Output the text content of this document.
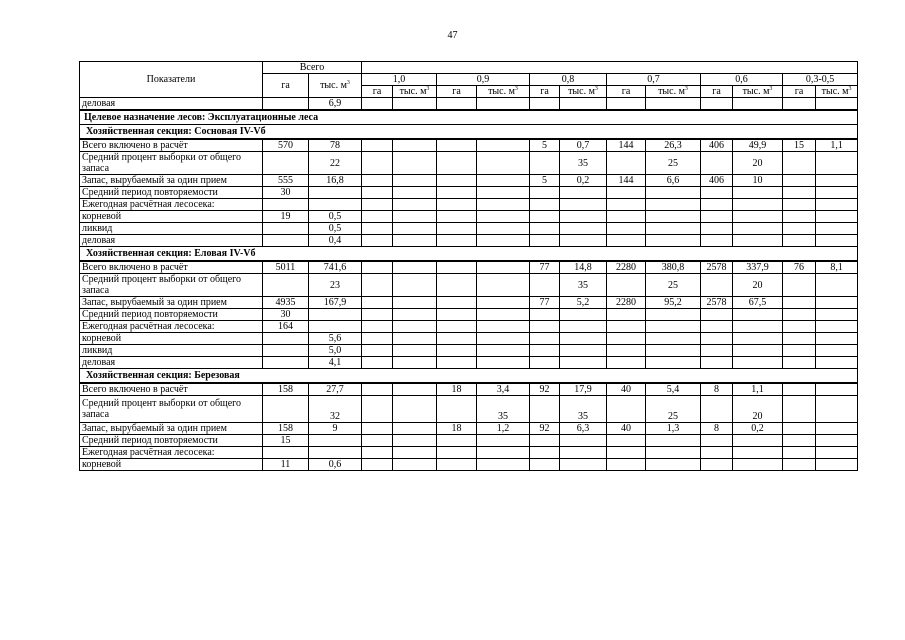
47
Показатели	Всего													
	га	тыс. $м^3$	1,0		0,9		0,8		0,7		0,6		0,3-0,5	
			га	тыс. $м^3$	га	тыс. $м^3$	га	тыс. $м^3$	га	тыс. $м^3$	га	тыс. $м^3$	га	тыс. $м^3$
деловая		6,9												
Целевое назначение лесов: Эксплуатационные леса														
Хозяйственная секция: Сосновая IV-Vб														
Всего включено в расчёт	570	78					5	0,7	144	26,3	406	49,9	15	1,1
Средний процент выборки от общего запаса		22						35		25		20		
Запас, вырубаемый за один прием	555	16,8					5	0,2	144	6,6	406	10		
Средний период повторяемости	30													
Ежегодная расчётная лесосека:														
корневой	19	0,5												
ликвид		0,5												
деловая		0,4												
Хозяйственная секция: Еловая IV-Vб														
Всего включено в расчёт	5011	741,6					77	14,8	2280	380,8	2578	337,9	76	8,1
Средний процент выборки от общего запаса		23						35		25		20		
Запас, вырубаемый за один прием	4935	167,9					77	5,2	2280	95,2	2578	67,5		
Средний период повторяемости	30													
Ежегодная расчётная лесосека:	164													
корневой		5,6												
ликвид		5,0												
деловая		4,1												
Хозяйственная секция: Березовая														
Всего включено в расчёт	158	27,7			18	3,4	92	17,9	40	5,4	8	1,1		
Средний процент выборки от общего запаса		32				35		35		25		20		
Запас, вырубаемый за один прием	158	9			18	1,2	92	6,3	40	1,3	8	0,2		
Средний период повторяемости	15													
Ежегодная расчётная лесосека:														
корневой	11	0,6												
